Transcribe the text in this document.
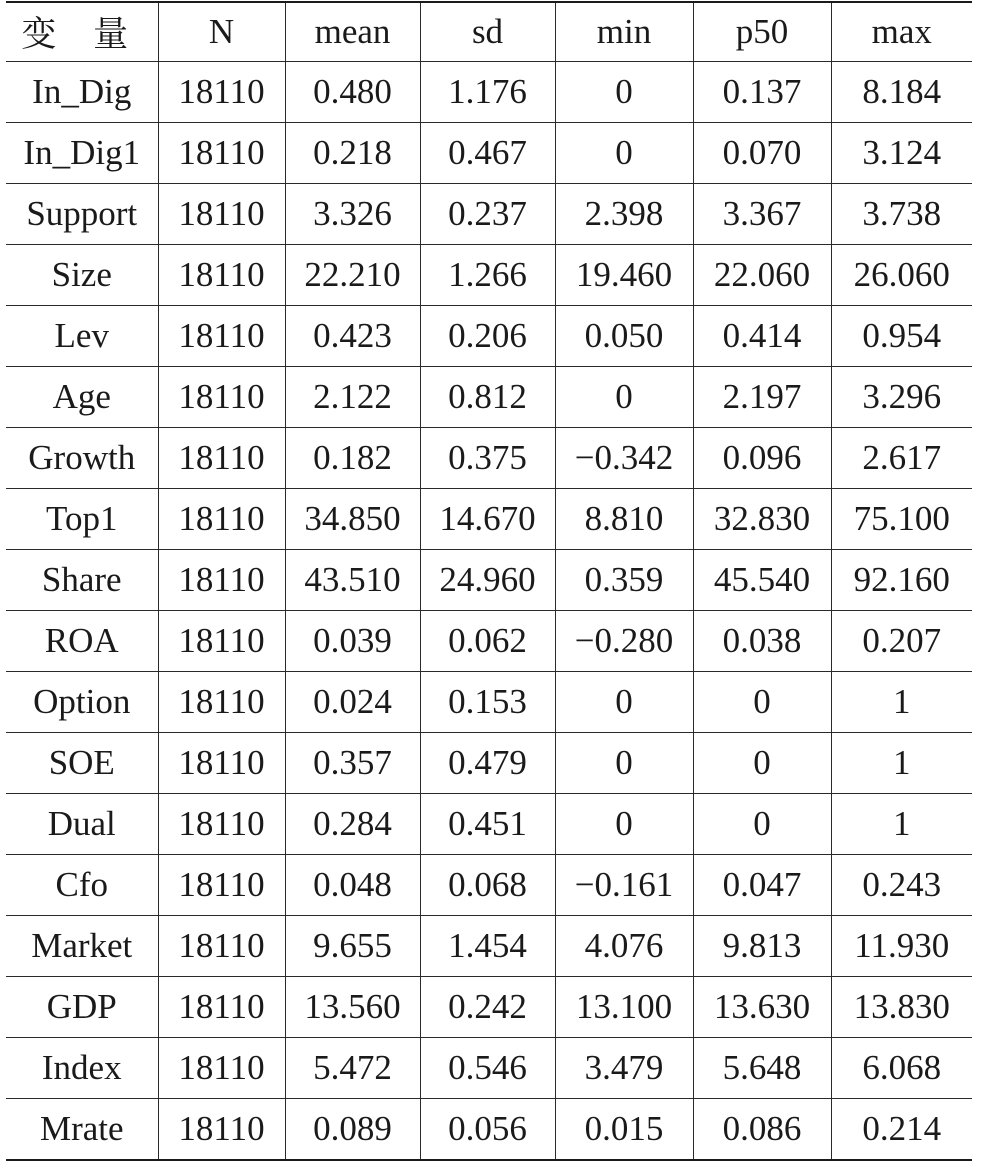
变 量	N	mean	sd	min	p50	max
In_Dig	18110	0.480	1.176	0	0.137	8.184
In_Dig1	18110	0.218	0.467	0	0.070	3.124
Support	18110	3.326	0.237	2.398	3.367	3.738
Size	18110	22.210	1.266	19.460	22.060	26.060
Lev	18110	0.423	0.206	0.050	0.414	0.954
Age	18110	2.122	0.812	0	2.197	3.296
Growth	18110	0.182	0.375	−0.342	0.096	2.617
Top1	18110	34.850	14.670	8.810	32.830	75.100
Share	18110	43.510	24.960	0.359	45.540	92.160
ROA	18110	0.039	0.062	−0.280	0.038	0.207
Option	18110	0.024	0.153	0	0	1
SOE	18110	0.357	0.479	0	0	1
Dual	18110	0.284	0.451	0	0	1
Cfo	18110	0.048	0.068	−0.161	0.047	0.243
Market	18110	9.655	1.454	4.076	9.813	11.930
GDP	18110	13.560	0.242	13.100	13.630	13.830
Index	18110	5.472	0.546	3.479	5.648	6.068
Mrate	18110	0.089	0.056	0.015	0.086	0.214
